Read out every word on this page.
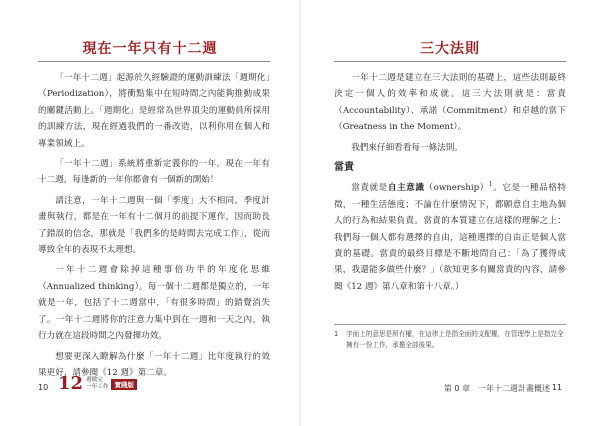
現在一年只有十二週

「一年十二週」起源於久經驗證的運動訓練法「週期化」（Periodization），將衝點集中在短時間之內能夠推動成果的關鍵活動上。「週期化」是經常為世界頂尖的運動員所採用的訓練方法，現在經過我們的一番改造，以利你用在個人和專業領域上。

「一年十二週」系統將重新定義你的一年，現在一年有十二週，每逢新的一年你都會有一個新的開始！

請注意，一年十二週與一個「季度」大不相同。季度計畫與執行，都是在一年有十二個月的前提下運作，因而助長了錯誤的信念，那就是「我們多的是時間去完成工作」，從而導致全年的表現不太理想。

一年十二週會除掉這種事倍功半的年度化思維（Annualized thinking）。每一個十二週都是獨立的，一年就是一年，包括了十二週當中，「有很多時間」的錯覺消失了。一年十二週將你的注意力集中到在一週和一天之內，執行力就在這段時間之內發揮功效。

想要更深入瞭解為什麼「一年十二週」比年度執行的效果更好，請參閱《12 週》第二章。

10 12 週做完
一年工作 實踐版
三大法則

一年十二週是建立在三大法則的基礎上，這些法則最終決定一個人的效率和成就。這三大法則就是：當責（Accountability）、承諾（Commitment）和卓越的當下（Greatness in the Moment）。

我們來仔細看看每一條法則。

當責

當責就是自主意識（ownership）$^1$。它是一種品格特徵，一種生活態度；不論在什麼情況下，都願意自主地為個人的行為和結果負責。當責的本質建立在這樣的理解之上：我們每一個人都有選擇的自由，這種選擇的自由正是個人當責的基礎。當責的最終目標是不斷地問自己：「為了獲得成果，我還能多做些什麼？」（欲知更多有關當責的內容，請參閱《12 週》第八章和第十八章。）

1	字面上的意思是所有權，在這律上是指全面的支配權，在管理學上是指完全擁有一份工作，承擔全部後果。
第 0 章　一年十二週計畫概述 11
